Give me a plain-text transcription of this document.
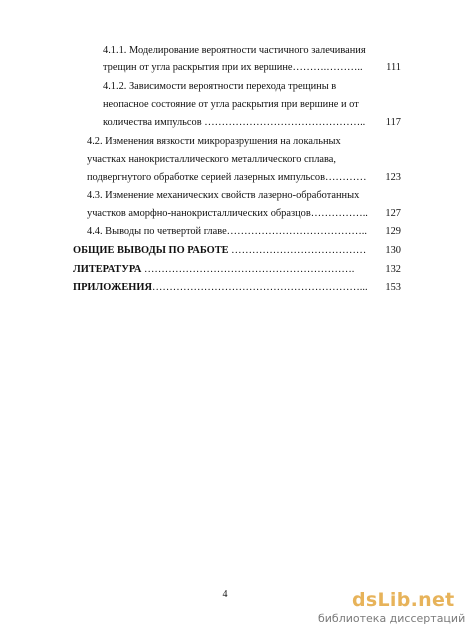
4.1.1. Моделирование вероятности частичного залечивания
трещин от угла раскрытия при их вершине……….………..	111
4.1.2. Зависимости вероятности перехода трещины в
неопасное состояние от угла раскрытия при вершине и от
количества импульсов ………………………………………..	117
4.2. Изменения вязкости микроразрушения на локальных
участках нанокристаллического металлического сплава,
подвергнутого обработке серией лазерных импульсов…………	123
4.3. Изменение механических свойств лазерно-обработанных
участков аморфно-нанокристаллических образцов……………..	127
4.4. Выводы по четвертой главе…………………………………..	129
ОБЩИЕ ВЫВОДЫ ПО РАБОТЕ …………………………………	130
ЛИТЕРАТУРА …………………………………………………….	132
ПРИЛОЖЕНИЯ……………………………………………………...	153
4	dsLib.net
библиотека диссертаций
